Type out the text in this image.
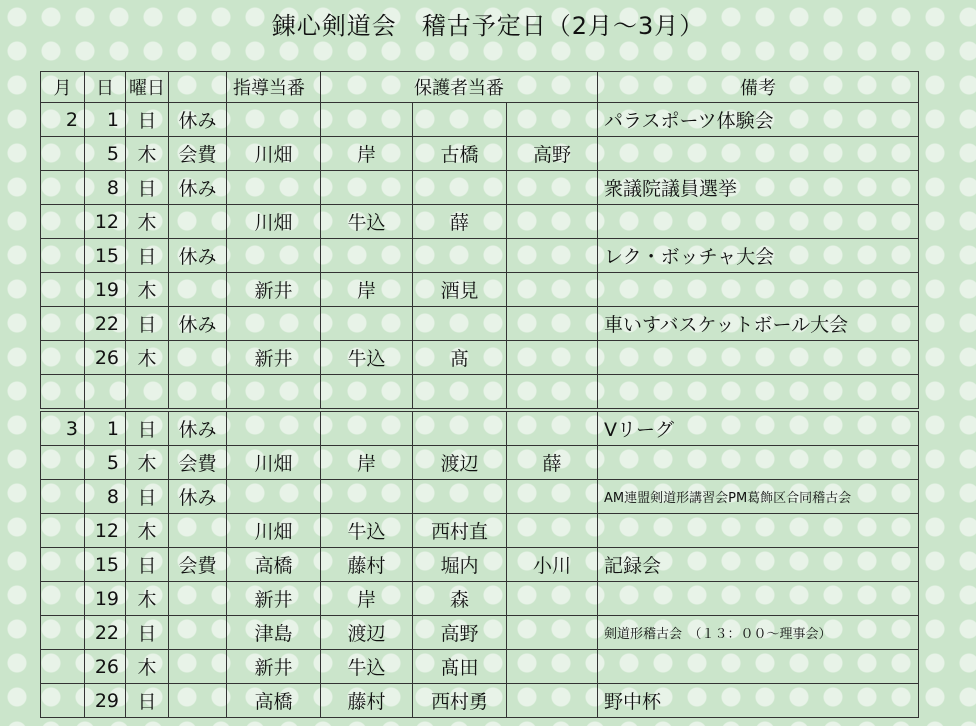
錬心剣道会　稽古予定日（2月～3月）
月	日	曜日		指導当番	保護者当番			備考
2	1	日	休み					パラスポーツ体験会
	5	木	会費	川畑	岸	古橋	高野	
	8	日	休み					衆議院議員選挙
	12	木		川畑	牛込	薛		
	15	日	休み					レク・ボッチャ大会
	19	木		新井	岸	酒見		
	22	日	休み					車いすバスケットボール大会
	26	木		新井	牛込	髙		

3	1	日	休み					Vリーグ
	5	木	会費	川畑	岸	渡辺	薛	
	8	日	休み					AM連盟剣道形講習会PM葛飾区合同稽古会
	12	木		川畑	牛込	西村直		
	15	日	会費	高橋	藤村	堀内	小川	記録会
	19	木		新井	岸	森		
	22	日		津島	渡辺	高野		剣道形稽古会　（１３：００～理事会）
	26	木		新井	牛込	髙田		
	29	日		高橋	藤村	西村勇		野中杯
